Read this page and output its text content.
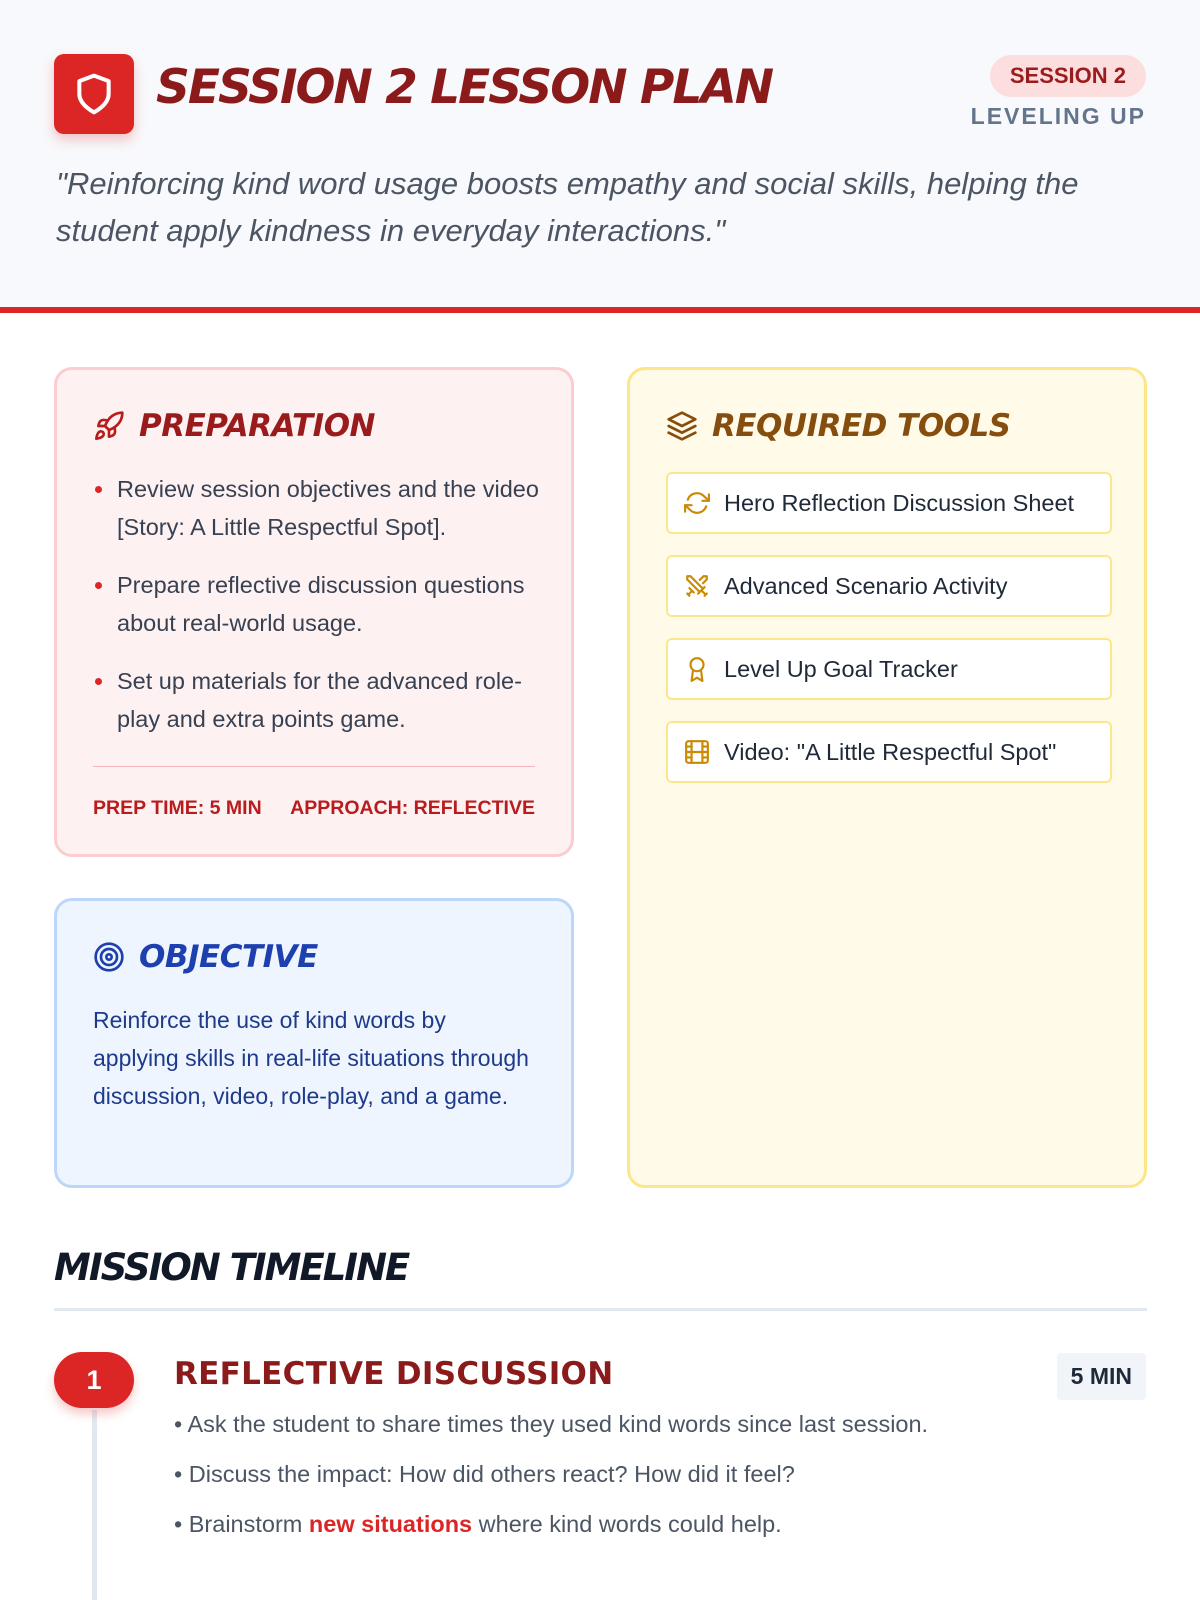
SESSION 2 LESSON PLAN	SESSION 2
LEVELING UP
"Reinforcing kind word usage boosts empathy and social skills, helping the student apply kindness in everyday interactions."
PREPARATION
Review session objectives and the video [Story: A Little Respectful Spot].
Prepare reflective discussion questions about real-world usage.
Set up materials for the advanced role-play and extra points game.
PREP TIME: 5 MIN APPROACH: REFLECTIVE
OBJECTIVE
Reinforce the use of kind words by applying skills in real-life situations through discussion, video, role-play, and a game.
REQUIRED TOOLS
Hero Reflection Discussion Sheet
Advanced Scenario Activity
Level Up Goal Tracker
Video: "A Little Respectful Spot"
MISSION TIMELINE
1	REFLECTIVE DISCUSSION	5 MIN
• Ask the student to share times they used kind words since last session.
• Discuss the impact: How did others react? How did it feel?
• Brainstorm new situations where kind words could help.
